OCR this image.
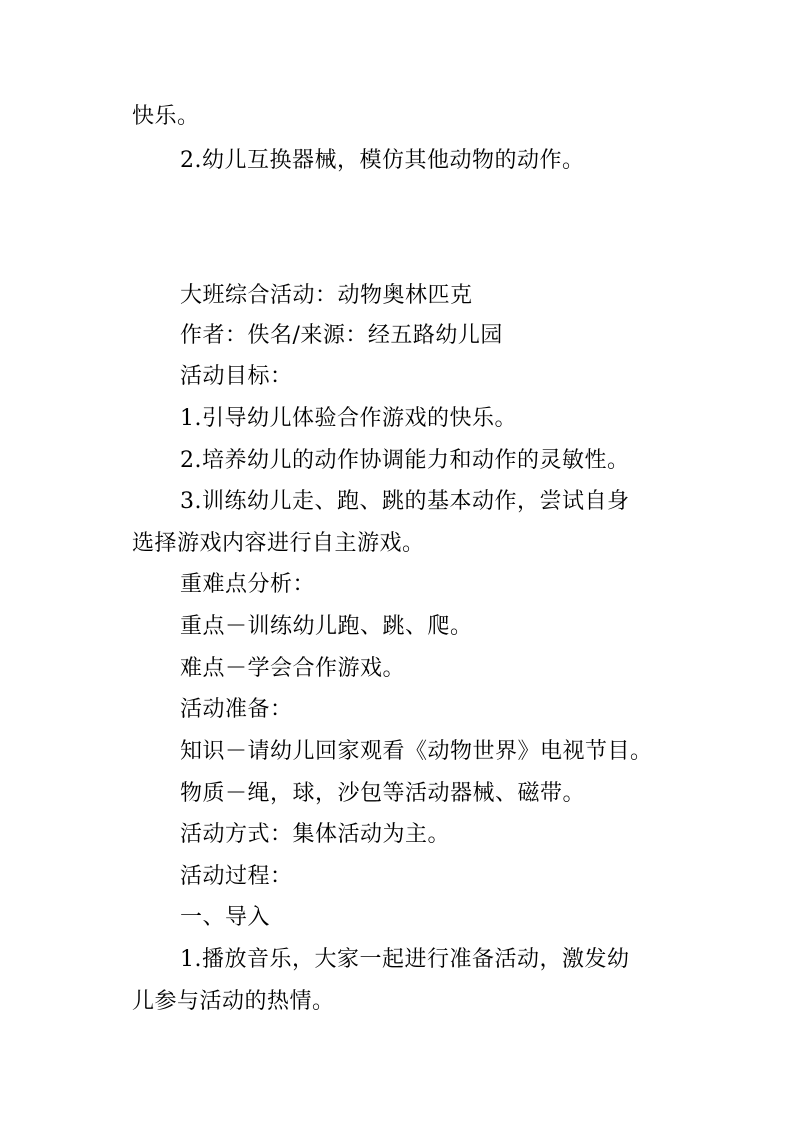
快乐。
2.幼儿互换器械，模仿其他动物的动作。
大班综合活动：动物奥林匹克
作者：佚名/来源：经五路幼儿园
活动目标：
1.引导幼儿体验合作游戏的快乐。
2.培养幼儿的动作协调能力和动作的灵敏性。
3.训练幼儿走、跑、跳的基本动作，尝试自身
选择游戏内容进行自主游戏。
重难点分析：
重点－训练幼儿跑、跳、爬。
难点－学会合作游戏。
活动准备：
知识－请幼儿回家观看《动物世界》电视节目。
物质－绳，球，沙包等活动器械、磁带。
活动方式：集体活动为主。
活动过程：
一、导入
1.播放音乐，大家一起进行准备活动，激发幼
儿参与活动的热情。
